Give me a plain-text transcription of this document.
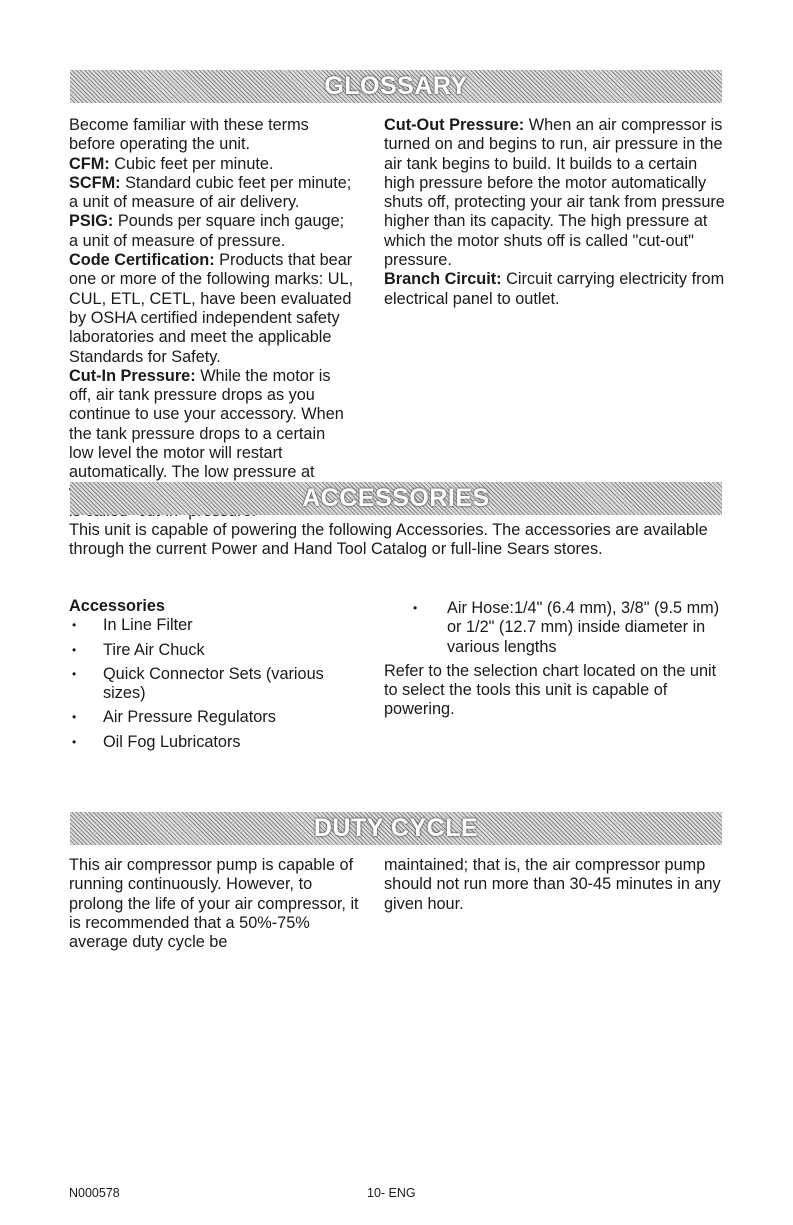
GLOSSARY

Become familiar with these terms before operating the unit.

CFM: Cubic feet per minute.

SCFM: Standard cubic feet per minute; a unit of measure of air delivery.

PSIG: Pounds per square inch gauge; a unit of measure of pressure.

Code Certification: Products that bear one or more of the following marks: UL, CUL, ETL, CETL, have been evaluated by OSHA certified independent safety laboratories and meet the applicable Standards for Safety.

Cut-In Pressure: While the motor is off, air tank pressure drops as you continue to use your accessory. When the tank pressure drops to a certain low level the motor will restart automatically. The low pressure at

Cut-Out Pressure: When an air compressor is turned on and begins to run, air pressure in the air tank begins to build. It builds to a certain high pressure before the motor automatically shuts off, protecting your air tank from pressure higher than its capacity. The high pressure at which the motor shuts off is called "cut-out" pressure.

Branch Circuit: Circuit carrying electricity from electrical panel to outlet.

ACCESSORIES

This unit is capable of powering the following Accessories. The accessories are available through the current Power and Hand Tool Catalog or full-line Sears stores.

Accessories

• In Line Filter
• Tire Air Chuck
• Quick Connector Sets (various sizes)
• Air Pressure Regulators
• Oil Fog Lubricators
• Air Hose:1/4" (6.4 mm), 3/8" (9.5 mm) or 1/2" (12.7 mm) inside diameter in various lengths

Refer to the selection chart located on the unit to select the tools this unit is capable of powering.

DUTY CYCLE

This air compressor pump is capable of running continuously. However, to prolong the life of your air compressor, it is recommended that a 50%-75% average duty cycle be

maintained; that is, the air compressor pump should not run more than 30-45 minutes in any given hour.

N000578	10- ENG
